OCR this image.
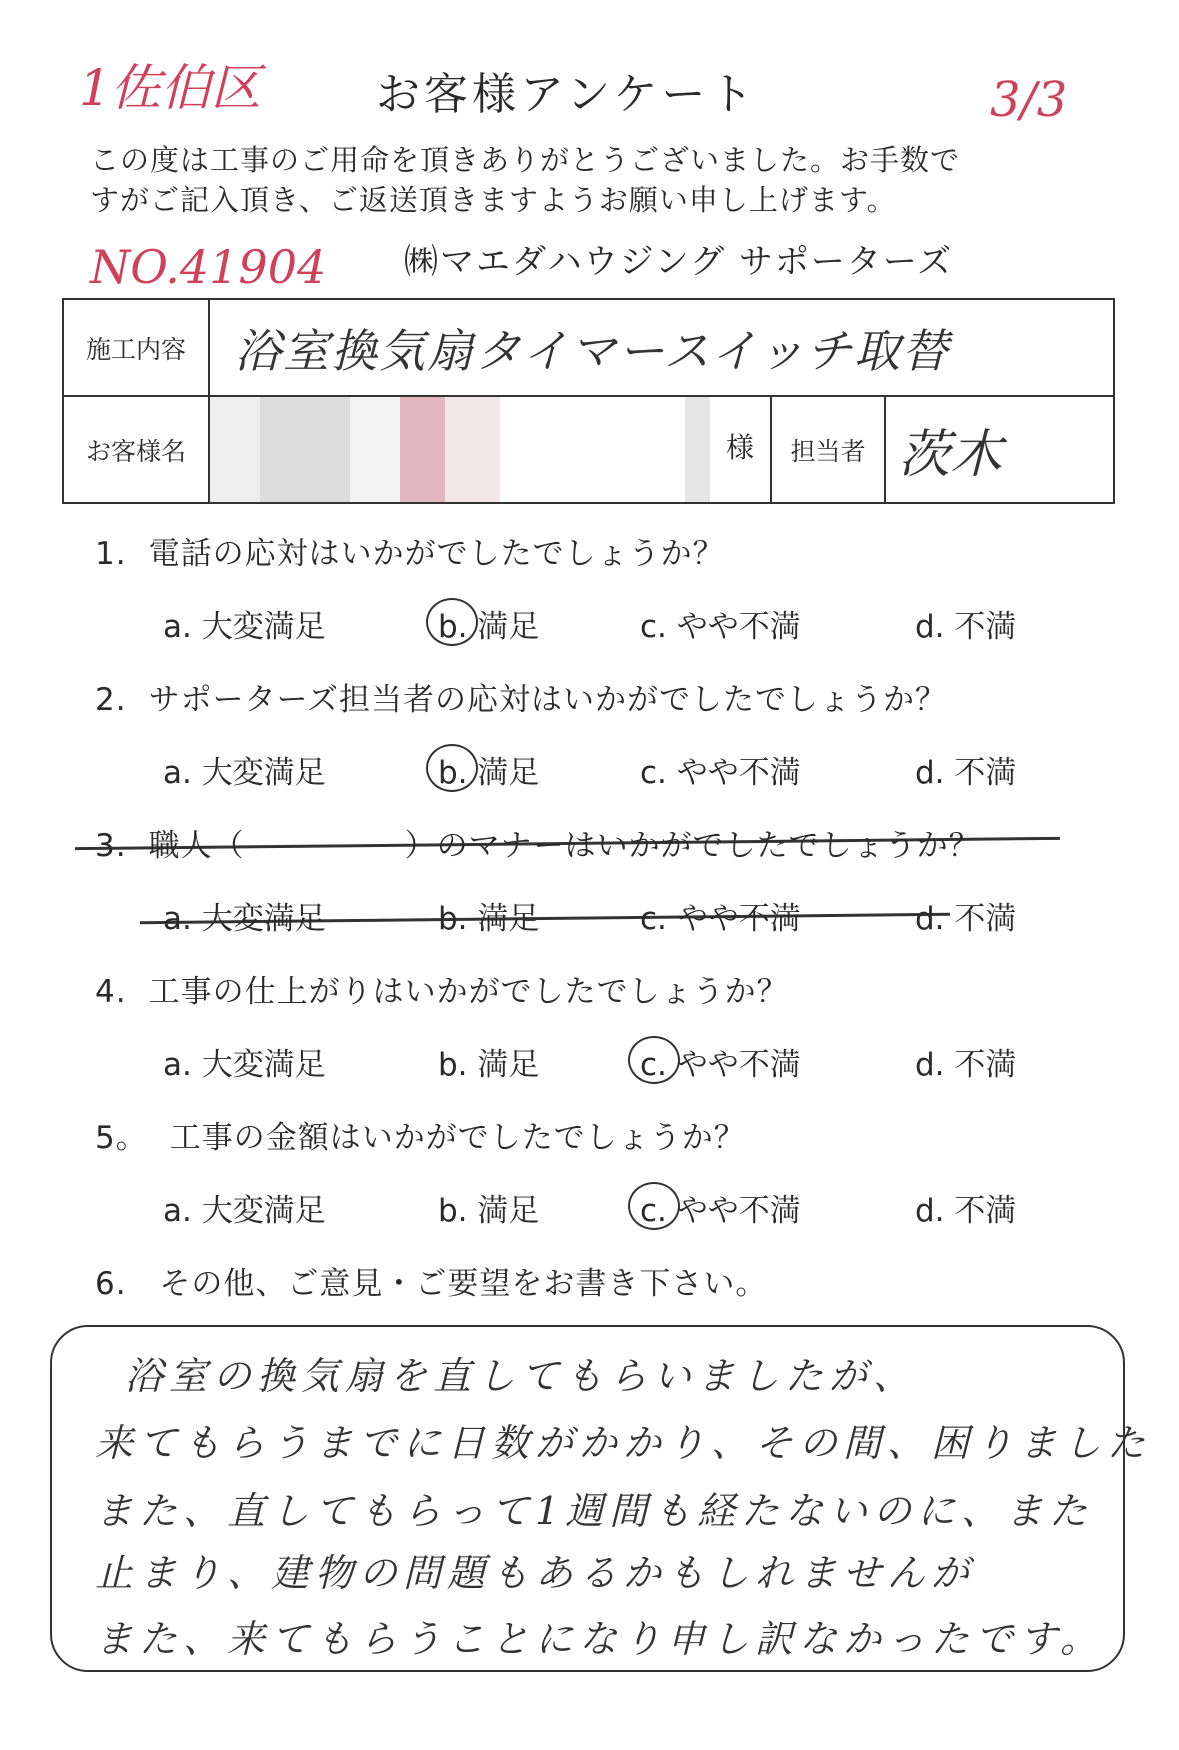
1佐伯区	お客様アンケート	3/3
この度は工事のご用命を頂きありがとうございました。お手数で
すがご記入頂き、ご返送頂きますようお願い申し上げます。
NO.41904 ㈱マエダハウジング サポーターズ
施工内容	浴室換気扇タイマースイッチ取替		
お客様名	様	担当者	茨木
1. 電話の応対はいかがでしたでしょうか？
a. 大変満足	b. 満足	c. やや不満	d. 不満
2. サポーターズ担当者の応対はいかがでしたでしょうか？
a. 大変満足	b. 満足	c. やや不満	d. 不満
3. 職人（　　　　　）のマナーはいかがでしたでしょうか？
a. 大変満足	b. 満足	c. やや不満	d. 不満
4. 工事の仕上がりはいかがでしたでしょうか？
a. 大変満足	b. 満足	c. やや不満	d. 不満
5。 工事の金額はいかがでしたでしょうか？
a. 大変満足	b. 満足	c. やや不満	d. 不満
6. その他、ご意見・ご要望をお書き下さい。
浴室の換気扇を直してもらいましたが、
来てもらうまでに日数がかかり、その間、困りました
また、直してもらって1週間も経たないのに、また
止まり、建物の問題もあるかもしれませんが
また、来てもらうことになり申し訳なかったです。
